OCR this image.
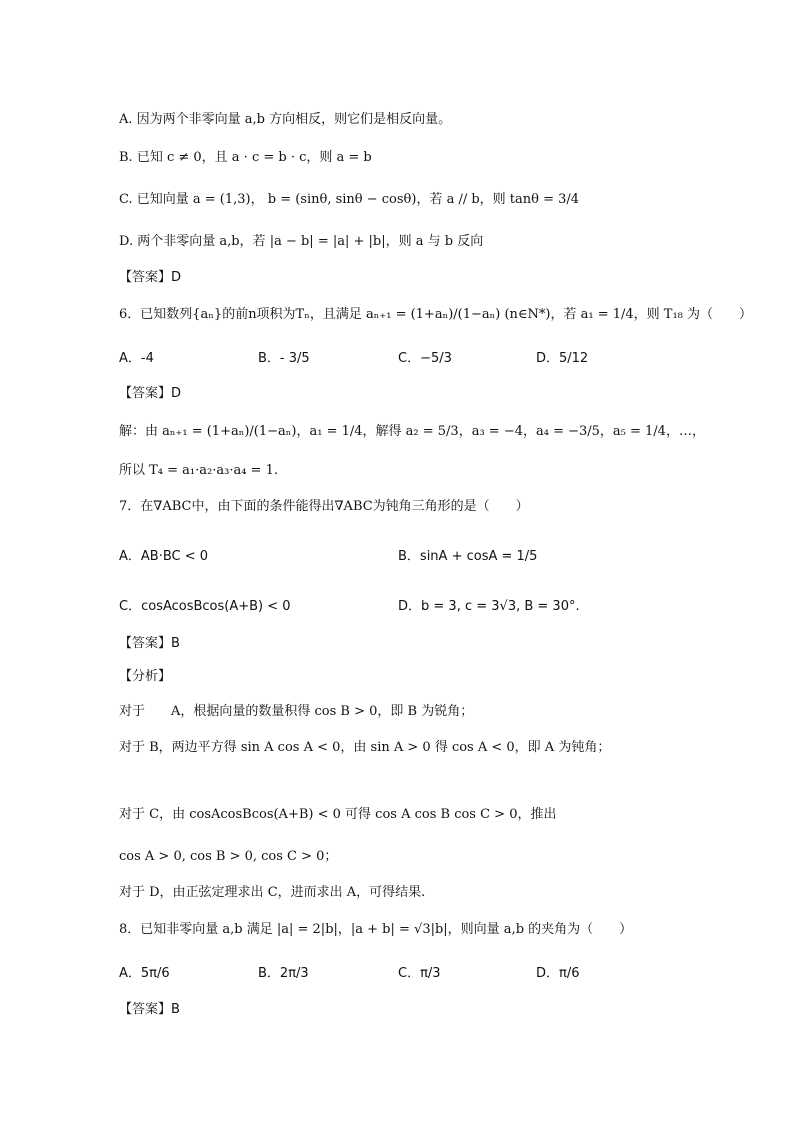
A. 因为两个非零向量 a,b 方向相反，则它们是相反向量。
B. 已知 c ≠ 0，且 a · c = b · c，则 a = b
C. 已知向量 a = (1,3)， b = (sinθ, sinθ − cosθ)，若 a // b，则 tanθ = 3/4
D. 两个非零向量 a,b，若 |a − b| = |a| + |b|，则 a 与 b 反向
【答案】D
6．已知数列{aₙ}的前n项积为Tₙ，且满足 aₙ₊₁ = (1+aₙ)/(1−aₙ) (n∈N*)，若 a₁ = 1/4，则 T₁₈ 为（　　）
A．-4	B．- 3/5	C．−5/3	D．5/12
【答案】D
解：由 aₙ₊₁ = (1+aₙ)/(1−aₙ)，a₁ = 1/4，解得 a₂ = 5/3，a₃ = −4，a₄ = −3/5，a₅ = 1/4，…，
所以 T₄ = a₁·a₂·a₃·a₄ = 1.
7．在∇ABC中，由下面的条件能得出∇ABC为钝角三角形的是（　　）
A．AB·BC < 0	B．sinA + cosA = 1/5
C．cosAcosBcos(A+B) < 0	D．b = 3, c = 3√3, B = 30°.
【答案】B
【分析】
对于　　A，根据向量的数量积得 cos B > 0，即 B 为锐角；
对于 B，两边平方得 sin A cos A < 0，由 sin A > 0 得 cos A < 0，即 A 为钝角；
对于 C，由 cosAcosBcos(A+B) < 0 可得 cos A cos B cos C > 0，推出
cos A > 0, cos B > 0, cos C > 0；
对于 D，由正弦定理求出 C，进而求出 A，可得结果.
8．已知非零向量 a,b 满足 |a| = 2|b|，|a + b| = √3|b|，则向量 a,b 的夹角为（　　）
A．5π/6	B．2π/3	C．π/3	D．π/6
【答案】B
